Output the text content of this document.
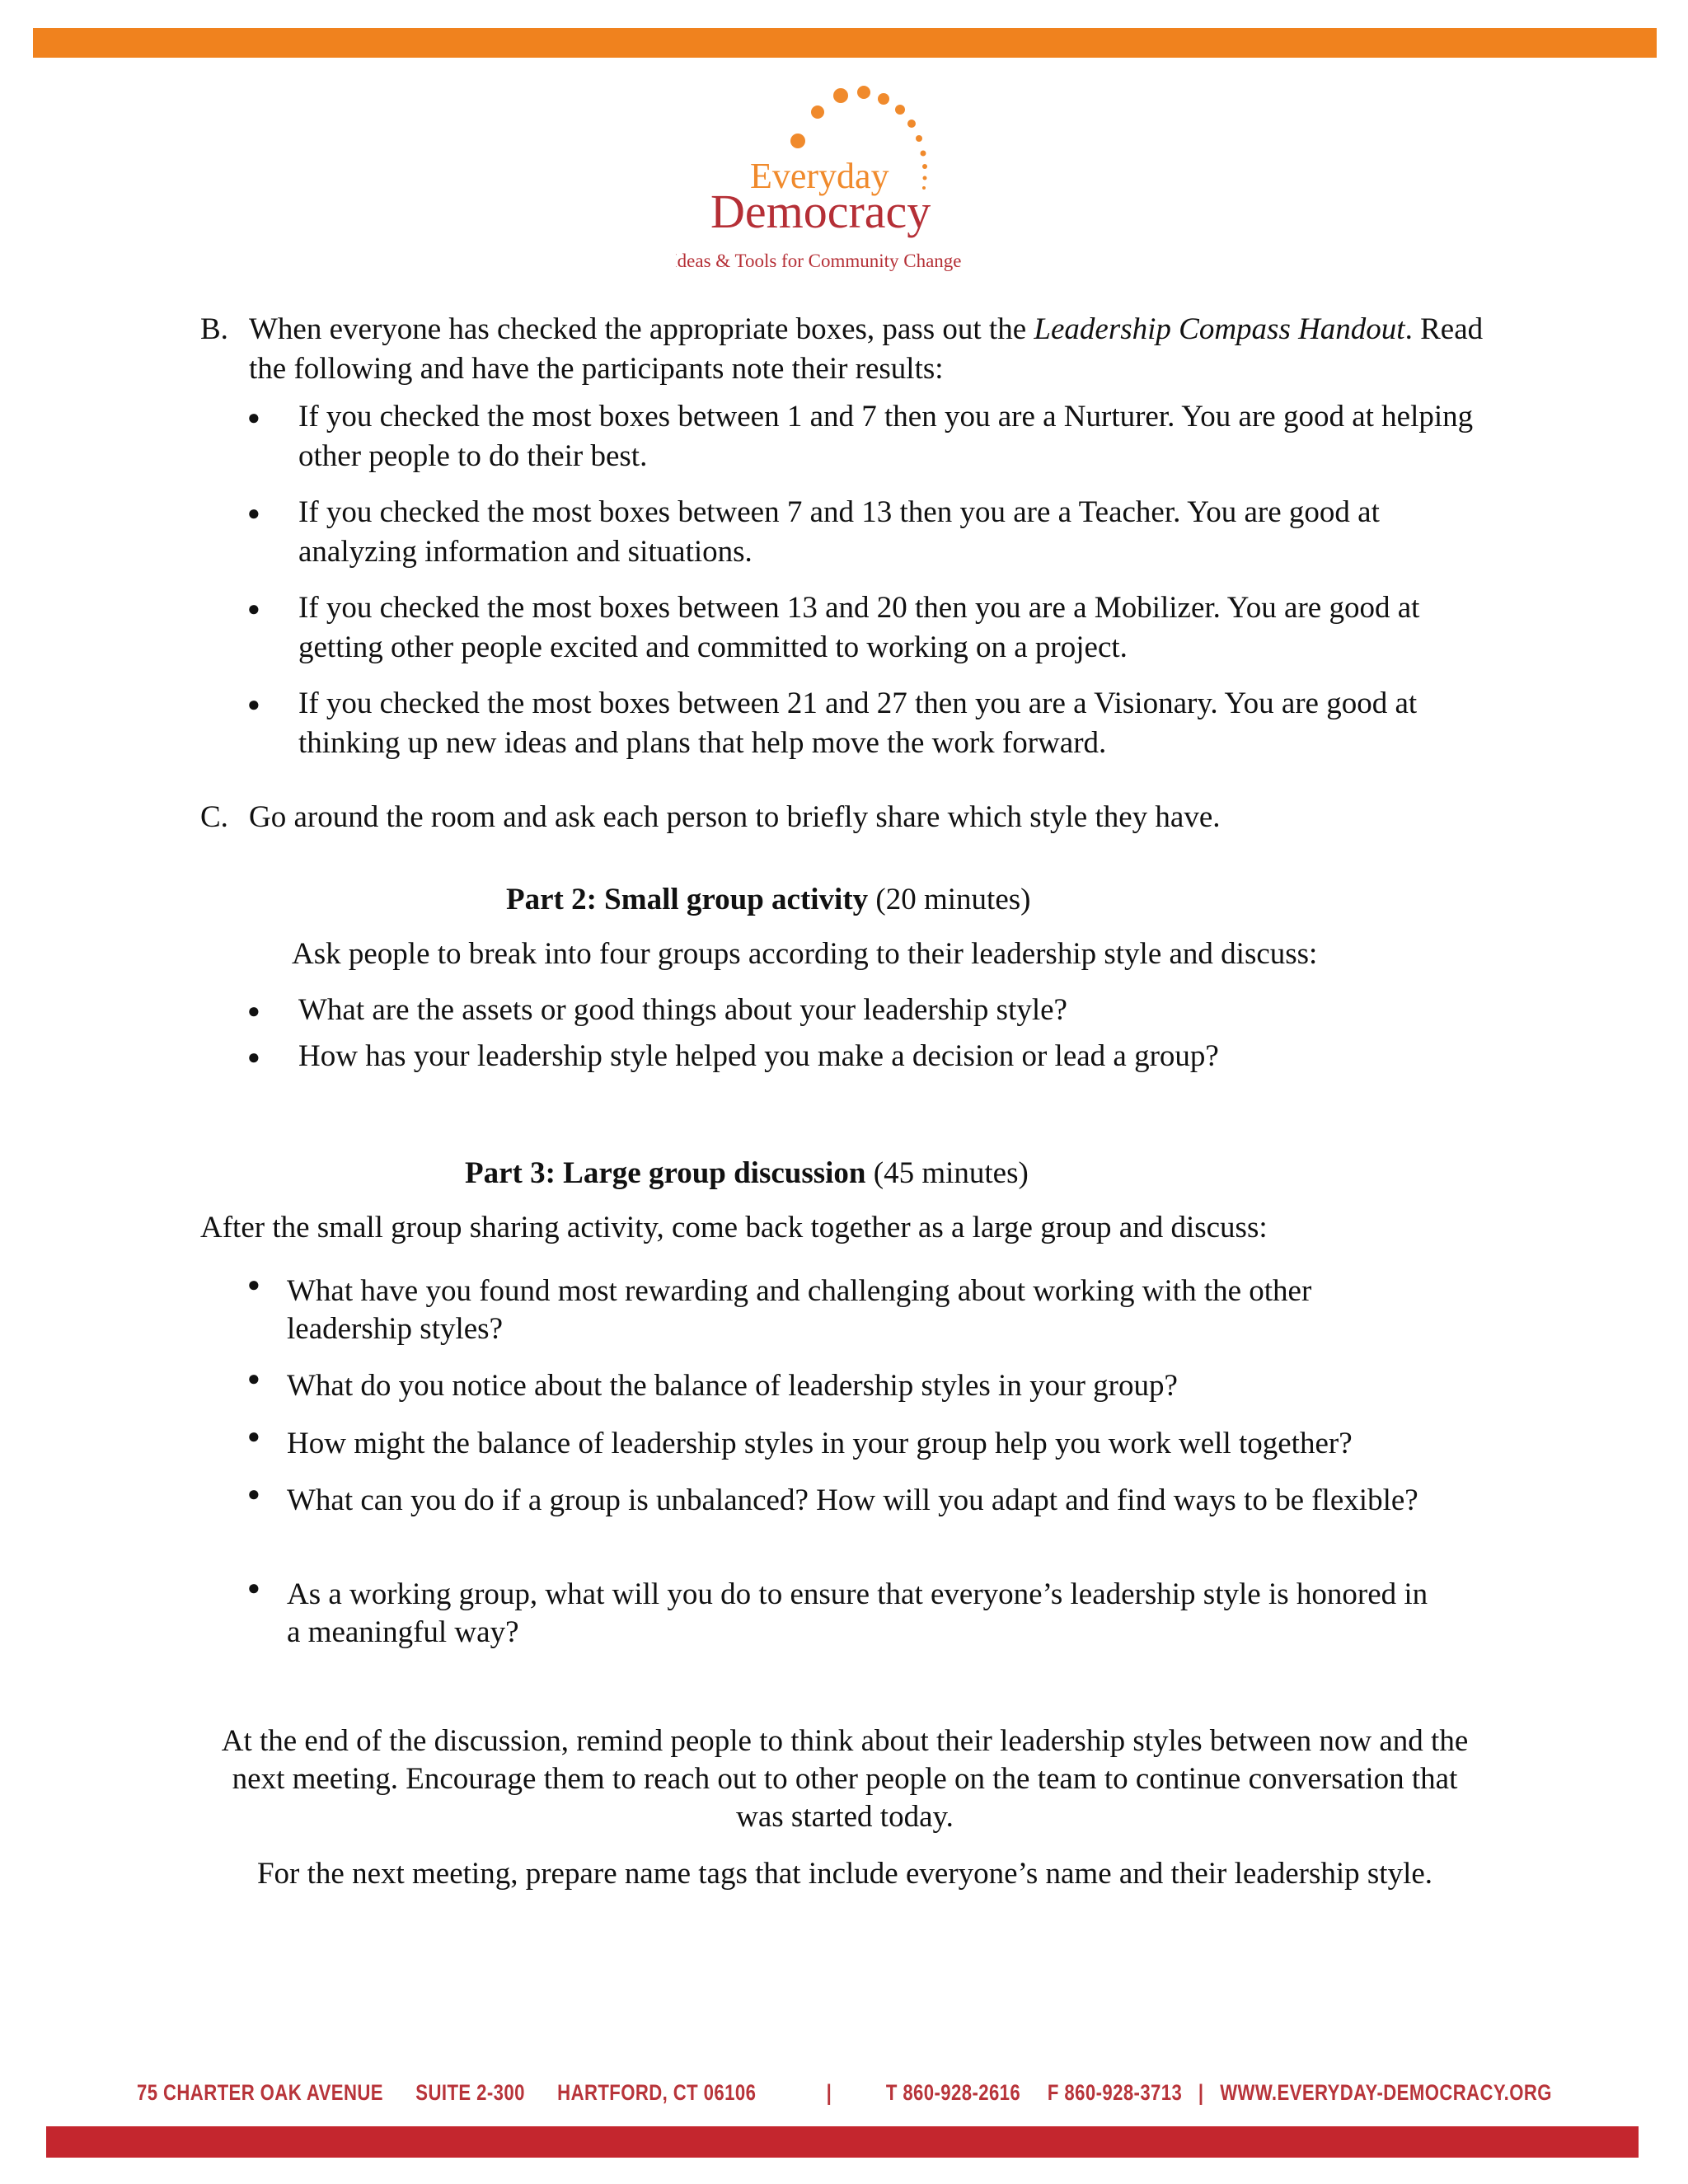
Everyday
Democracy
Ideas & Tools for Community Change
B. When everyone has checked the appropriate boxes, pass out the Leadership Compass Handout. Read the following and have the participants note their results:
● If you checked the most boxes between 1 and 7 then you are a Nurturer. You are good at helping other people to do their best.
● If you checked the most boxes between 7 and 13 then you are a Teacher. You are good at analyzing information and situations.
● If you checked the most boxes between 13 and 20 then you are a Mobilizer. You are good at getting other people excited and committed to working on a project.
● If you checked the most boxes between 21 and 27 then you are a Visionary. You are good at thinking up new ideas and plans that help move the work forward.
C. Go around the room and ask each person to briefly share which style they have.
Part 2: Small group activity (20 minutes)
Ask people to break into four groups according to their leadership style and discuss:
● What are the assets or good things about your leadership style?
● How has your leadership style helped you make a decision or lead a group?
Part 3: Large group discussion (45 minutes)
After the small group sharing activity, come back together as a large group and discuss:
● What have you found most rewarding and challenging about working with the other leadership styles?
● What do you notice about the balance of leadership styles in your group?
● How might the balance of leadership styles in your group help you work well together?
● What can you do if a group is unbalanced? How will you adapt and find ways to be flexible?
● As a working group, what will you do to ensure that everyone’s leadership style is honored in a meaningful way?
At the end of the discussion, remind people to think about their leadership styles between now and the next meeting. Encourage them to reach out to other people on the team to continue conversation that was started today.
For the next meeting, prepare name tags that include everyone’s name and their leadership style.
75 CHARTER OAK AVENUE SUITE 2-300 HARTFORD, CT 06106	| T 860-928-2616 F 860-928-3713 | WWW.EVERYDAY-DEMOCRACY.ORG
